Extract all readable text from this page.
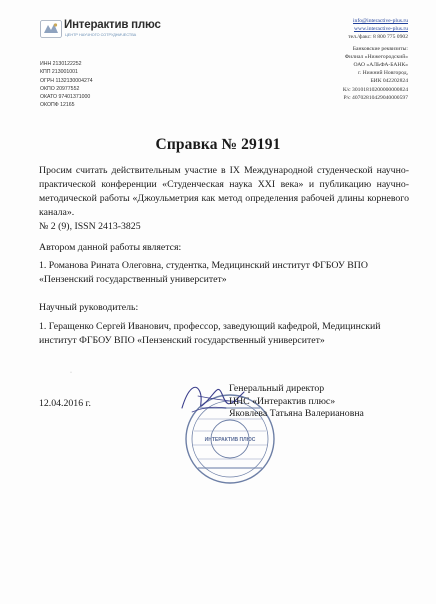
Интерактив плюс
ЦЕНТР НАУЧНОГО СОТРУДНИЧЕСТВА
info@interactive-plus.ru
www.interactive-plus.ru
тел./факс: 8 800 775 0902
Банковские реквизиты:
Филиал «Нижегородский»
ОАО «АЛЬФА-БАНК»
г. Нижний Новгород,
БИК 042202824
К/с 30101810200000000824
Р/с 40702810429040000597
ИНН 2130122252
КПП 213001001
ОГРН 1132130004274
ОКПО 20977552
ОКАТО 97401371000
ОКОПФ 12165
Справка № 29191
Просим считать действительным участие в IX Международной студенческой научно-практической конференции «Студенческая наука XXI века» и публикацию научно-методической работы «Джоульметрия как метод определения рабочей длины корневого канала».
№ 2 (9), ISSN 2413-3825
Автором данной работы является:
1. Романова Рината Олеговна, студентка, Медицинский институт ФГБОУ ВПО «Пензенский государственный университет»
Научный руководитель:
1. Геращенко Сергей Иванович, профессор, заведующий кафедрой, Медицинский институт ФГБОУ ВПО «Пензенский государственный университет»
·
12.04.2016 г.
ИНТЕРАКТИВ ПЛЮС
Генеральный директор
ЦНС «Интерактив плюс»
Яковлева Татьяна Валериановна
